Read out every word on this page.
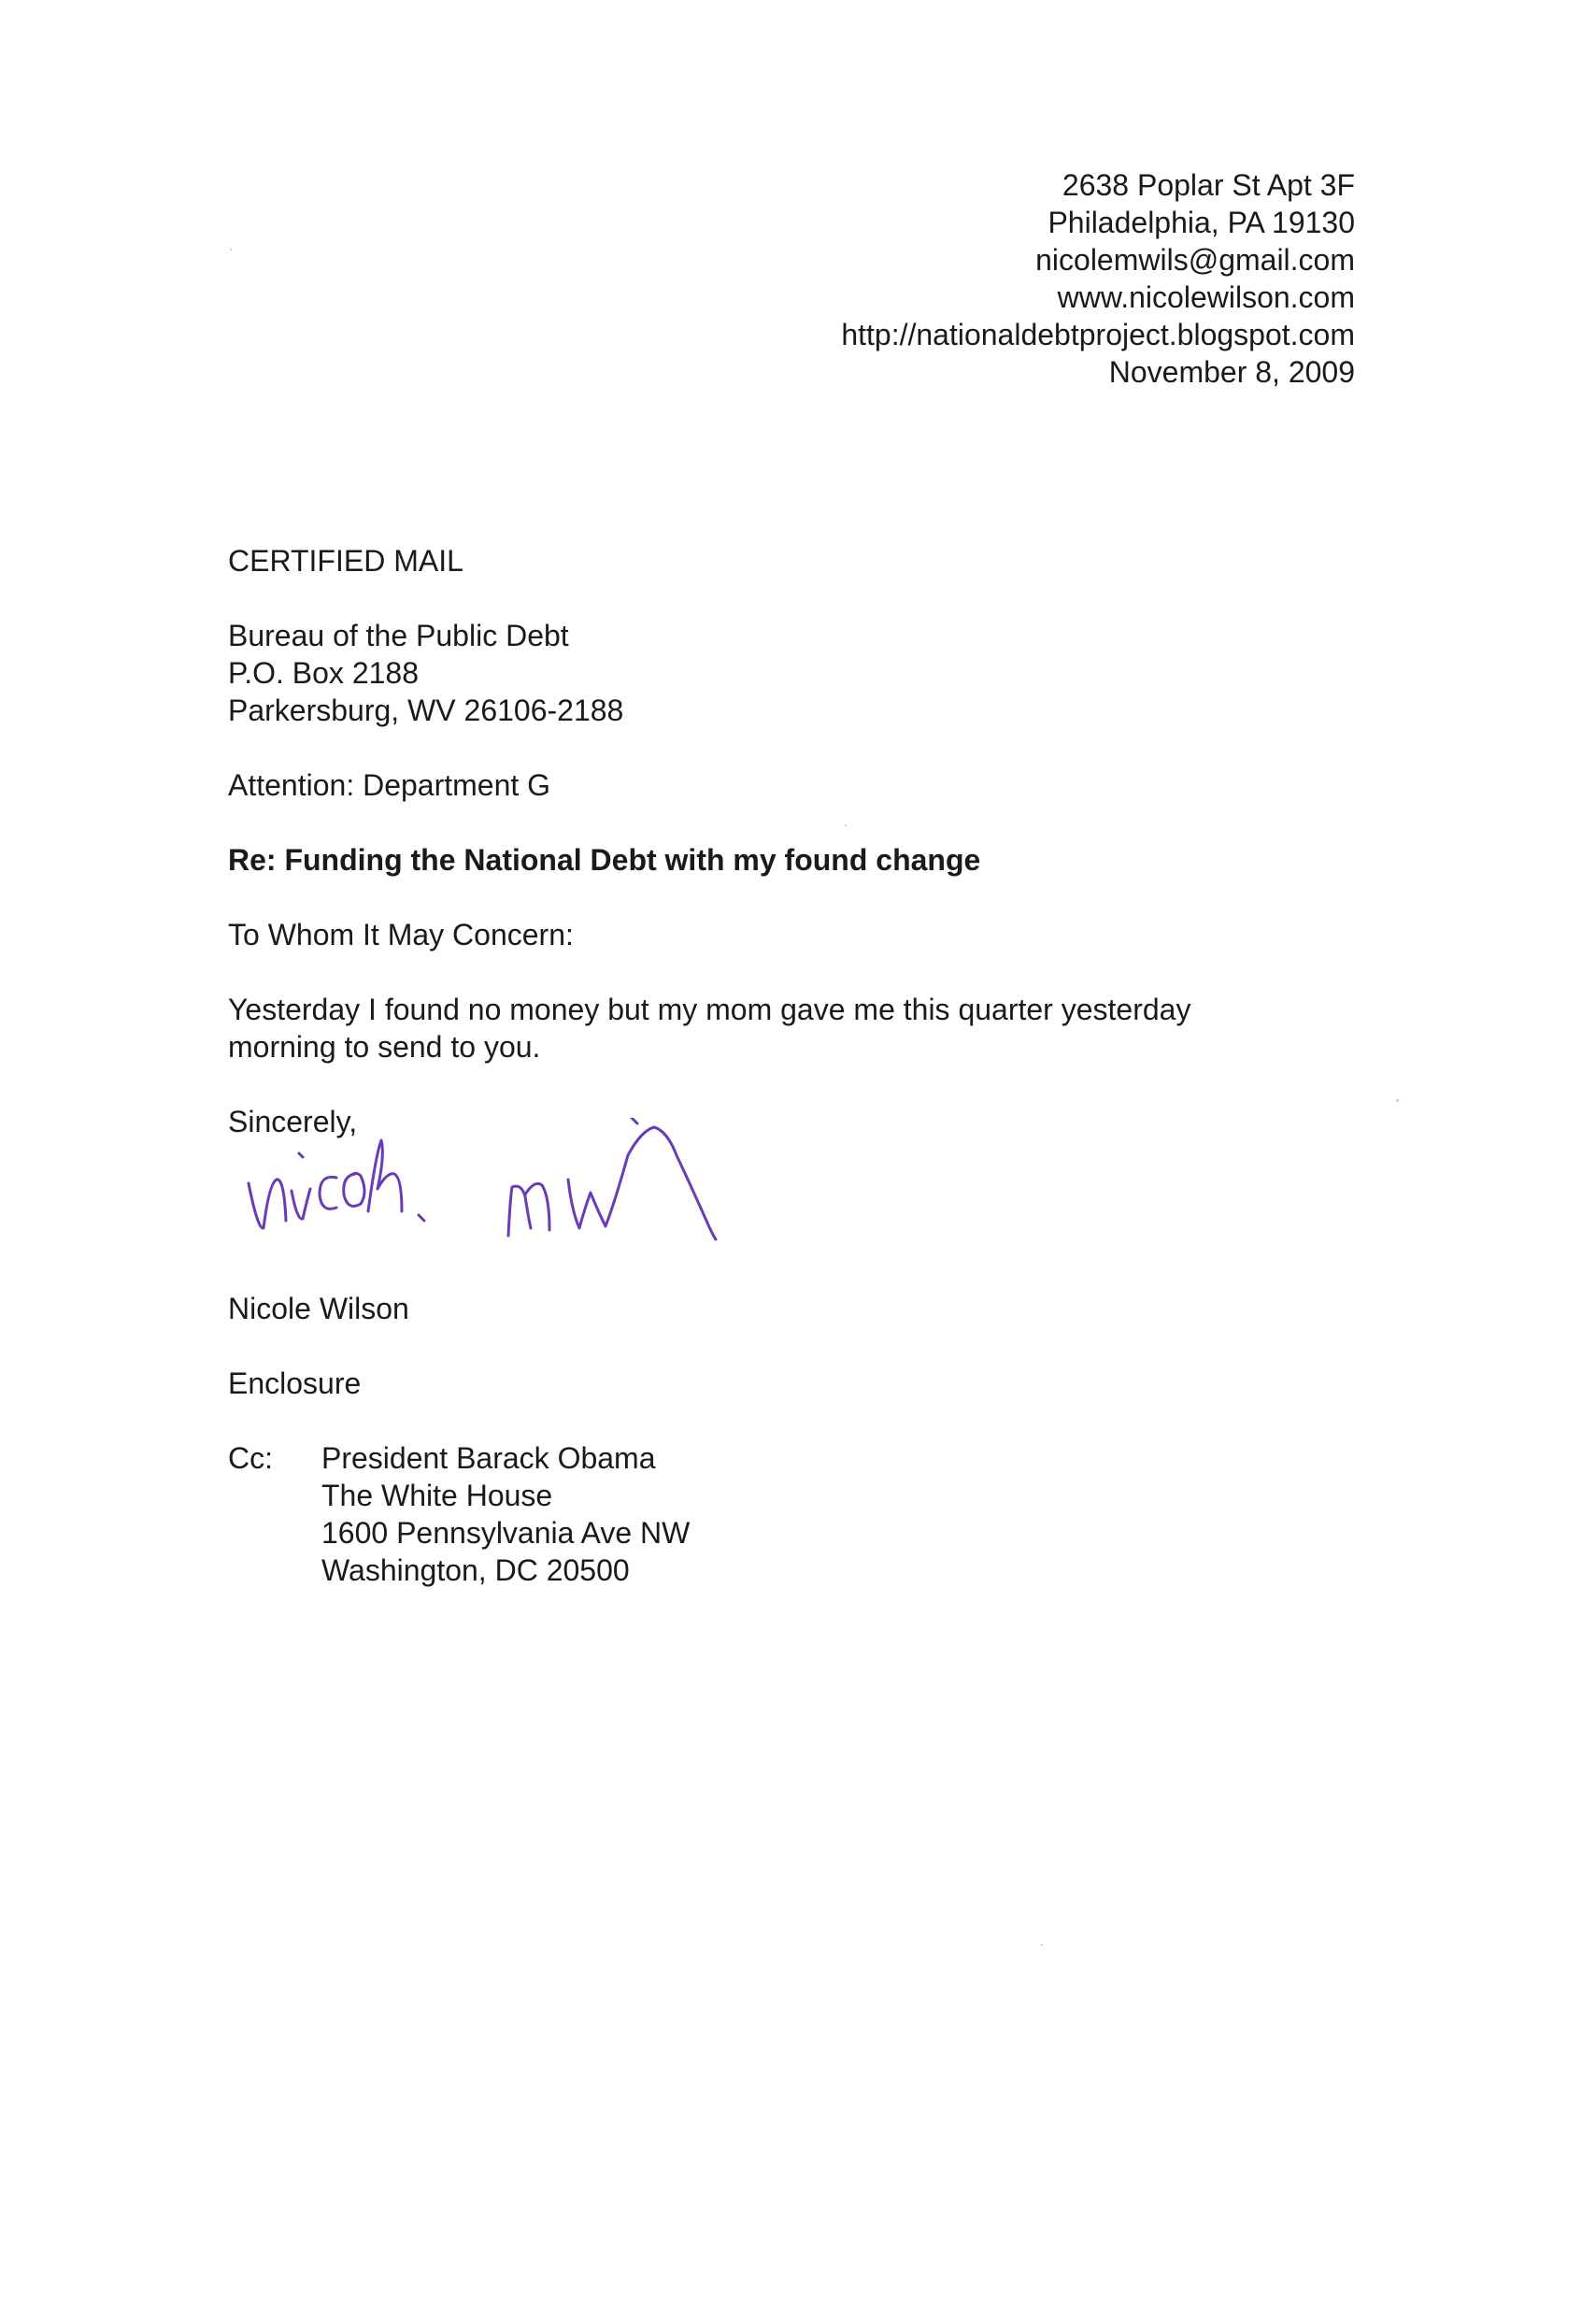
2638 Poplar St Apt 3F
Philadelphia, PA 19130
nicolemwils@gmail.com
www.nicolewilson.com
http://nationaldebtproject.blogspot.com
November 8, 2009
CERTIFIED MAIL
Bureau of the Public Debt
P.O. Box 2188
Parkersburg, WV 26106-2188
Attention: Department G
Re: Funding the National Debt with my found change
To Whom It May Concern:
Yesterday I found no money but my mom gave me this quarter yesterday
morning to send to you.
Sincerely,
Nicole Wilson
Enclosure
Cc: President Barack Obama
The White House
1600 Pennsylvania Ave NW
Washington, DC 20500
